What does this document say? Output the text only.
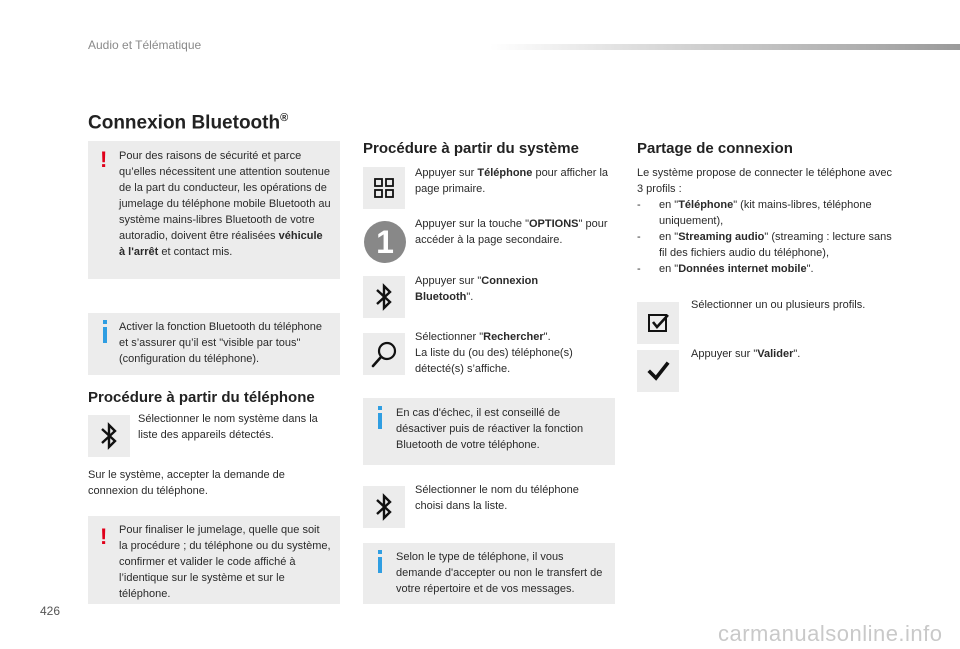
Audio et Télématique
Connexion Bluetooth®
! Pour des raisons de sécurité et parce qu’elles nécessitent une attention soutenue de la part du conducteur, les opérations de jumelage du téléphone mobile Bluetooth au système mains-libres Bluetooth de votre autoradio, doivent être réalisées véhicule à l'arrêt et contact mis.
Activer la fonction Bluetooth du téléphone et s’assurer qu’il est "visible par tous" (configuration du téléphone).
Procédure à partir du téléphone
Sélectionner le nom système dans la liste des appareils détectés.
Sur le système, accepter la demande de connexion du téléphone.
! Pour finaliser le jumelage, quelle que soit la procédure ; du téléphone ou du système, confirmer et valider le code affiché à l’identique sur le système et sur le téléphone.
Procédure à partir du système
Appuyer sur Téléphone pour afficher la page primaire.
1	Appuyer sur la touche "OPTIONS" pour accéder à la page secondaire.
Appuyer sur "Connexion Bluetooth".
Sélectionner "Rechercher".
La liste du (ou des) téléphone(s) détecté(s) s’affiche.
En cas d'échec, il est conseillé de désactiver puis de réactiver la fonction Bluetooth de votre téléphone.
Sélectionner le nom du téléphone choisi dans la liste.
Selon le type de téléphone, il vous demande d'accepter ou non le transfert de votre répertoire et de vos messages.
Partage de connexion
Le système propose de connecter le téléphone avec 3 profils :
- en "Téléphone" (kit mains-libres, téléphone uniquement),
- en "Streaming audio" (streaming : lecture sans fil des fichiers audio du téléphone),
- en "Données internet mobile".
Sélectionner un ou plusieurs profils.
Appuyer sur "Valider".
426
carmanualsonline.info
